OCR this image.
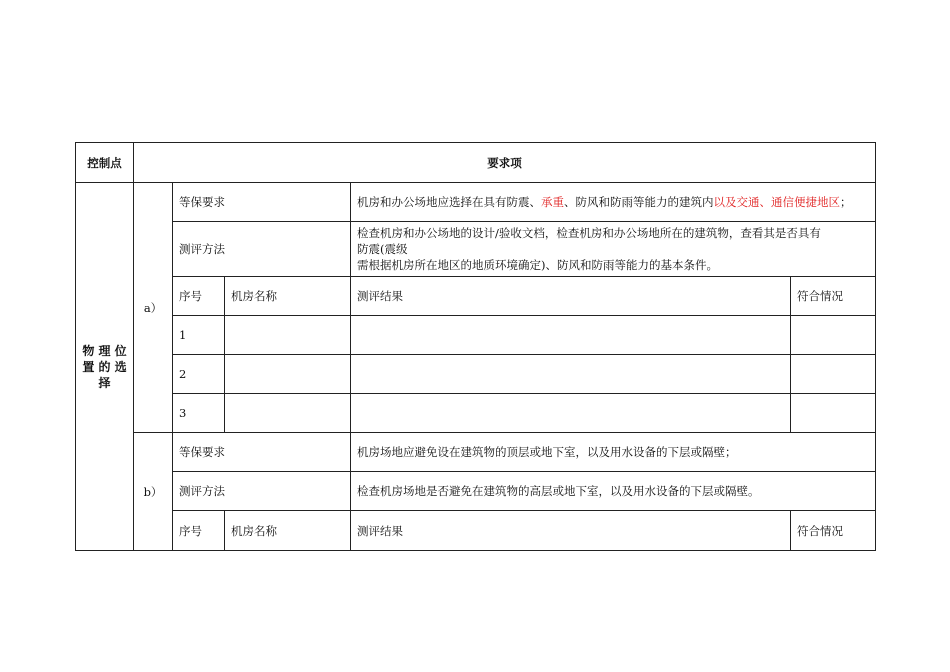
控制点	要求项				

物 理 位
置 的 选
择	a）	等保要求		机房和办公场地应选择在具有防震、承重、防风和防雨等能力的建筑内以及交通、通信便捷地区；	
		测评方法		检查机房和办公场地的设计/验收文档，检查机房和办公场地所在的建筑物，查看其是否具有
防震(震级
需根据机房所在地区的地质环境确定)、防风和防雨等能力的基本条件。	

		序号	机房名称	测评结果	符合情况
		1			
		2			
		3			
	b）	等保要求		机房场地应避免设在建筑物的顶层或地下室，以及用水设备的下层或隔壁；	
		测评方法		检查机房场地是否避免在建筑物的高层或地下室，以及用水设备的下层或隔壁。	
		序号	机房名称	测评结果	符合情况
